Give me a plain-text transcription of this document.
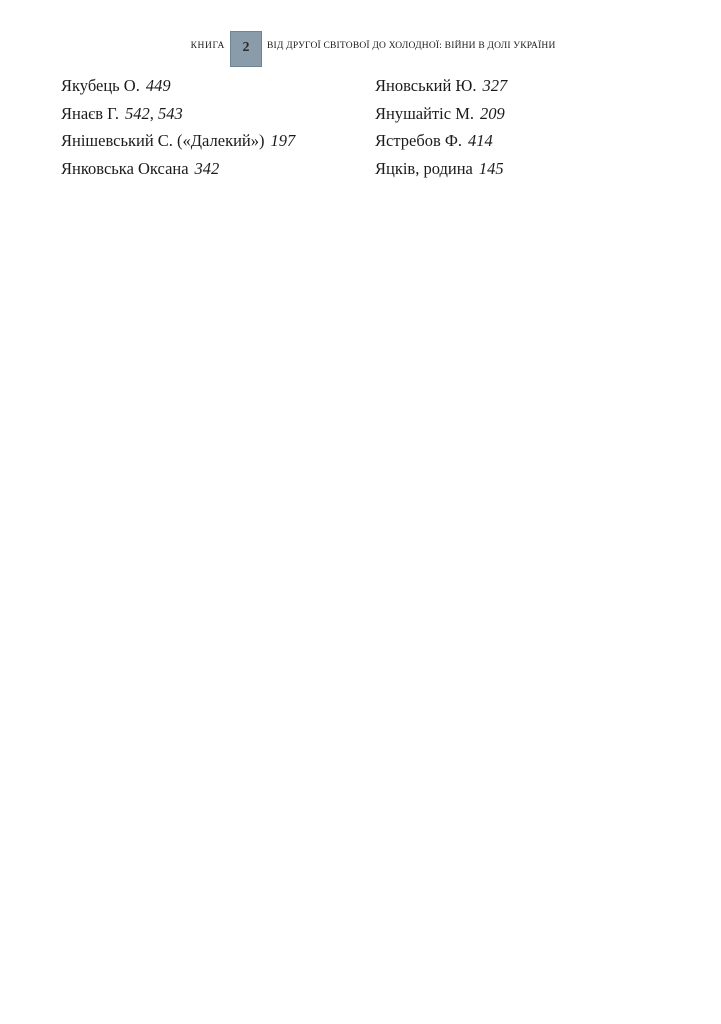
КНИГА	2	ВІД ДРУГОЇ СВІТОВОЇ ДО ХОЛОДНОЇ: ВІЙНИ В ДОЛІ УКРАЇНИ
Якубець О. 449
Янаєв Г. 542, 543
Янішевський С. («Далекий») 197
Янковська Оксана 342
Яновський Ю. 327
Янушайтіс М. 209
Ястребов Ф. 414
Яцків, родина 145
